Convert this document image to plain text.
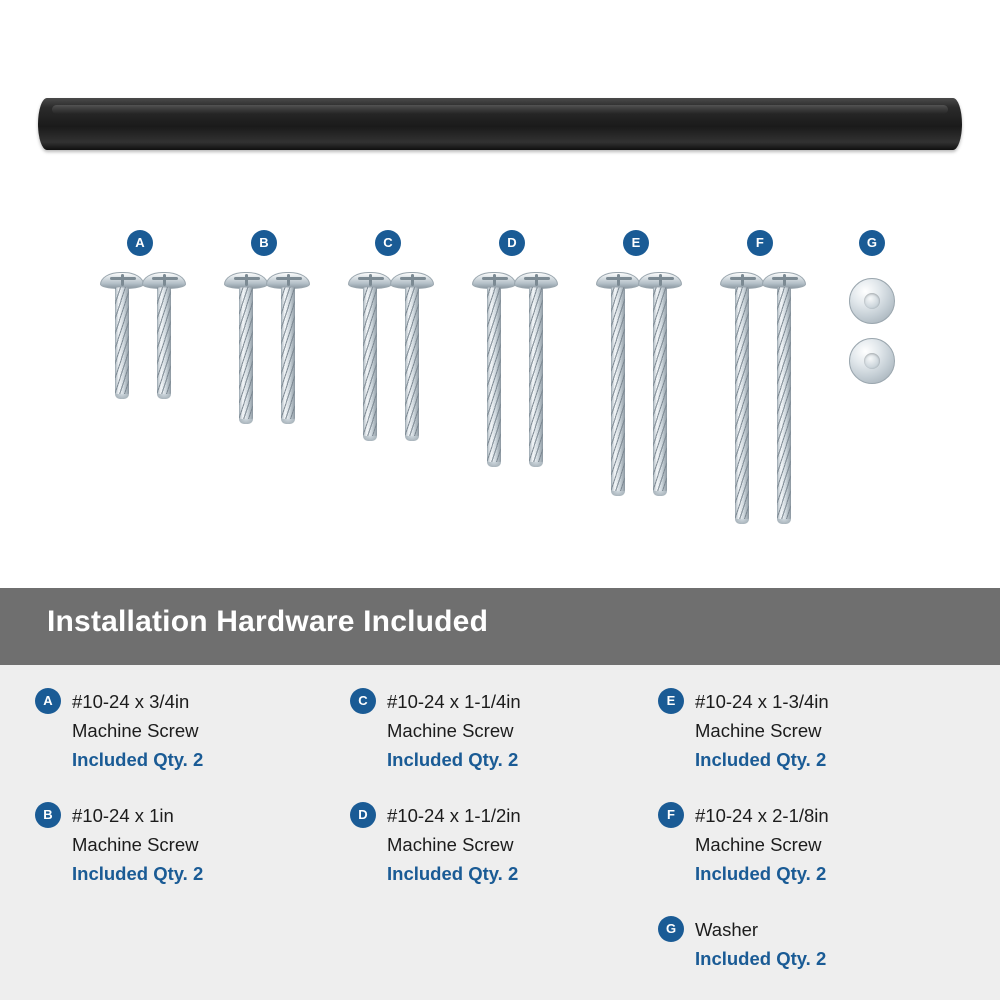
A	B	C	D	E	F	G
Installation Hardware Included
A	#10-24 x 3/4in
Machine Screw
Included Qty. 2
B	#10-24 x 1in
Machine Screw
Included Qty. 2
C	#10-24 x 1-1/4in
Machine Screw
Included Qty. 2
D	#10-24 x 1-1/2in
Machine Screw
Included Qty. 2
E	#10-24 x 1-3/4in
Machine Screw
Included Qty. 2
F	#10-24 x 2-1/8in
Machine Screw
Included Qty. 2
G	Washer
Included Qty. 2
